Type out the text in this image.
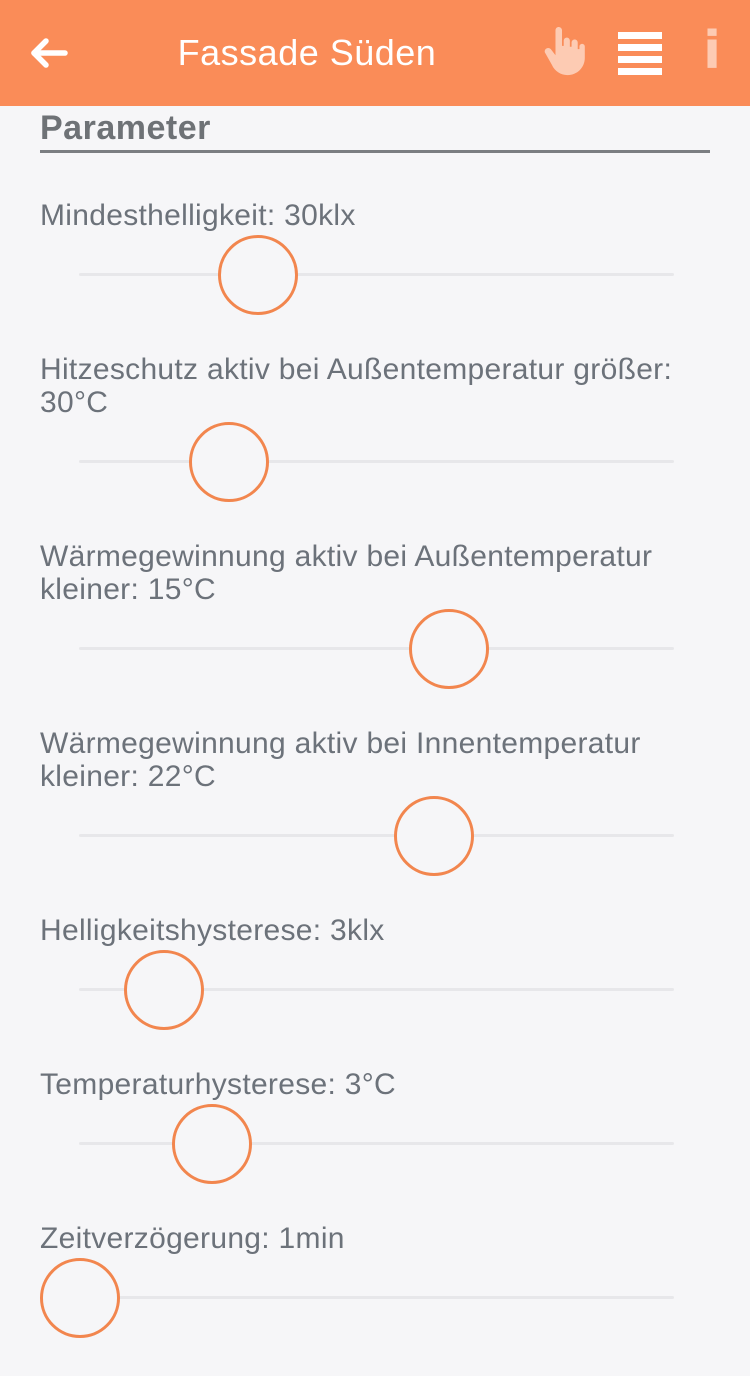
Fassade Süden	i
Parameter
Mindesthelligkeit: 30klx
Hitzeschutz aktiv bei Außentemperatur größer: 30°C
Wärmegewinnung aktiv bei Außentemperatur kleiner: 15°C
Wärmegewinnung aktiv bei Innentemperatur kleiner: 22°C
Helligkeitshysterese: 3klx
Temperaturhysterese: 3°C
Zeitverzögerung: 1min
